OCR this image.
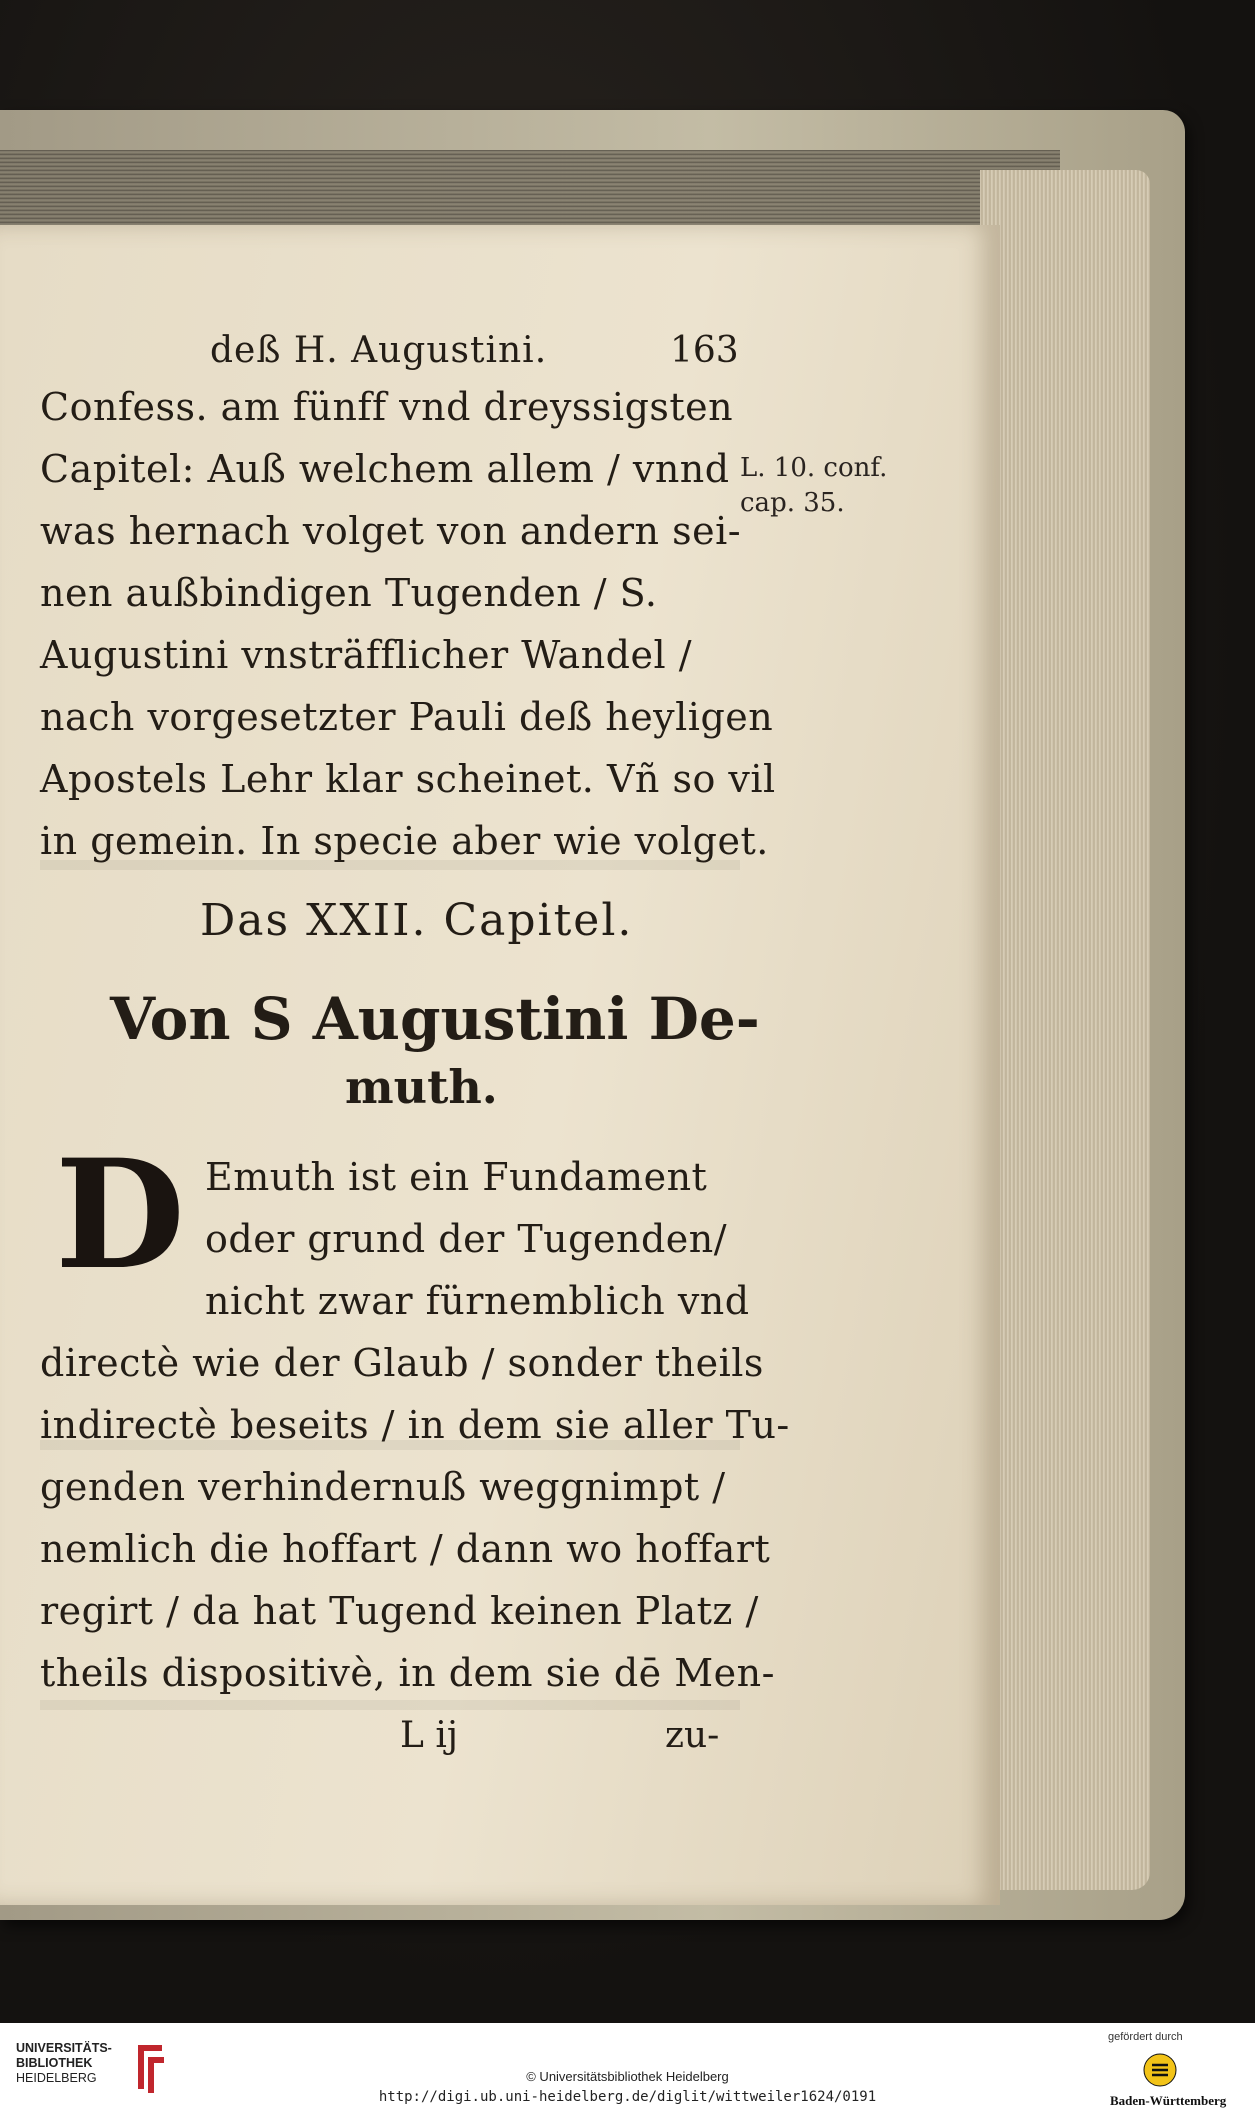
deß H. Augustini.	163
Confess. am fünff vnd dreyssigsten
Capitel: Auß welchem allem / vnnd
was hernach volget von andern sei-
nen außbindigen Tugenden / S.
Augustini vnsträfflicher Wandel /
nach vorgesetzter Pauli deß heyligen
Apostels Lehr klar scheinet. Vñ so vil
in gemein. In specie aber wie volget.
L. 10. conf.
cap. 35.
Das XXII. Capitel.
Von S Augustini De-
muth.
D Emuth ist ein Fundament
oder grund der Tugenden/
nicht zwar fürnemblich vnd
directè wie der Glaub / sonder theils
indirectè beseits / in dem sie aller Tu-
genden verhindernuß weggnimpt /
nemlich die hoffart / dann wo hoffart
regirt / da hat Tugend keinen Platz /
theils dispositivè, in dem sie dē Men-
L ij	zu-
UNIVERSITÄTS-
BIBLIOTHEK
HEIDELBERG	© Universitätsbibliothek Heidelberg
http://digi.ub.uni-heidelberg.de/diglit/wittweiler1624/0191
gefördert durch
Baden-Württemberg
